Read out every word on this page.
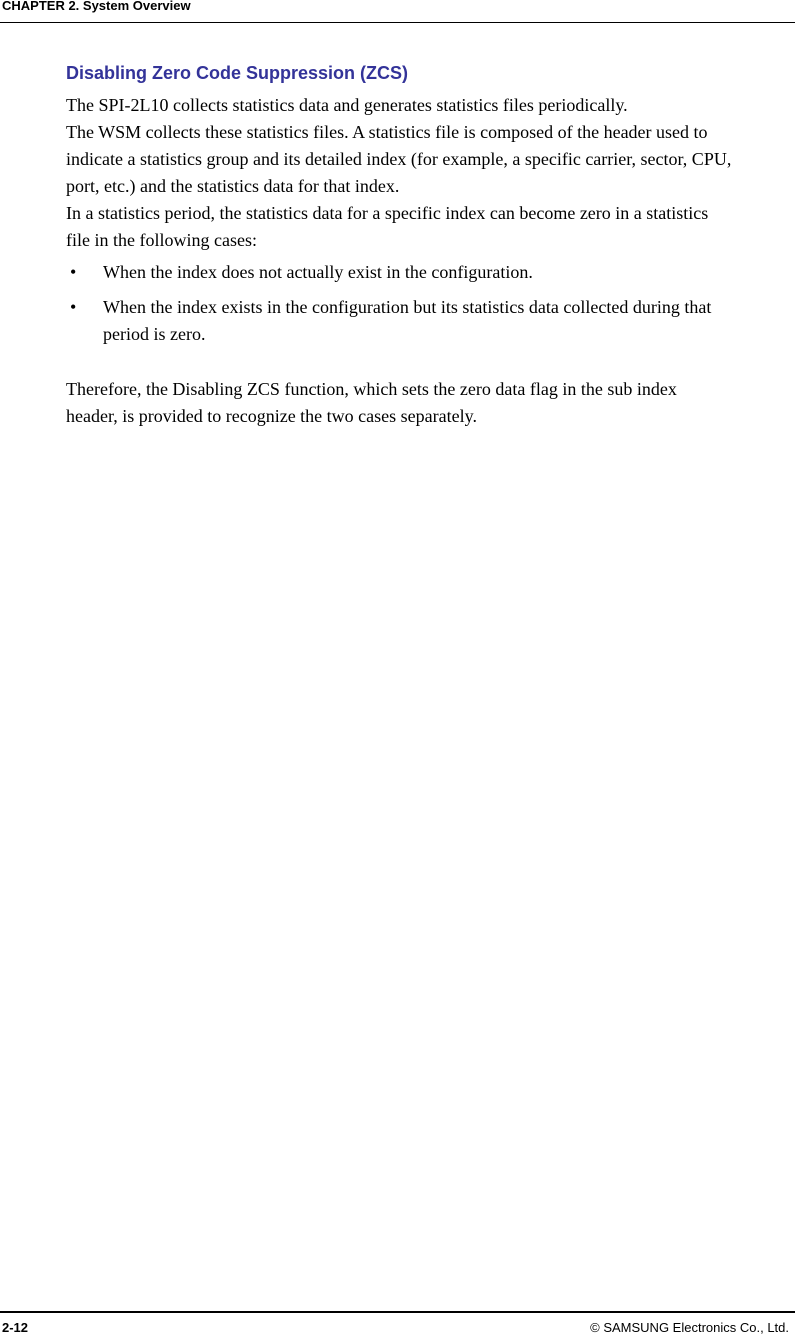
CHAPTER 2. System Overview
Disabling Zero Code Suppression (ZCS)
The SPI-2L10 collects statistics data and generates statistics files periodically.
The WSM collects these statistics files. A statistics file is composed of the header used to
indicate a statistics group and its detailed index (for example, a specific carrier, sector, CPU,
port, etc.) and the statistics data for that index.
In a statistics period, the statistics data for a specific index can become zero in a statistics
file in the following cases:
• When the index does not actually exist in the configuration.
• When the index exists in the configuration but its statistics data collected during that
period is zero.
Therefore, the Disabling ZCS function, which sets the zero data flag in the sub index
header, is provided to recognize the two cases separately.
2-12	© SAMSUNG Electronics Co., Ltd.
